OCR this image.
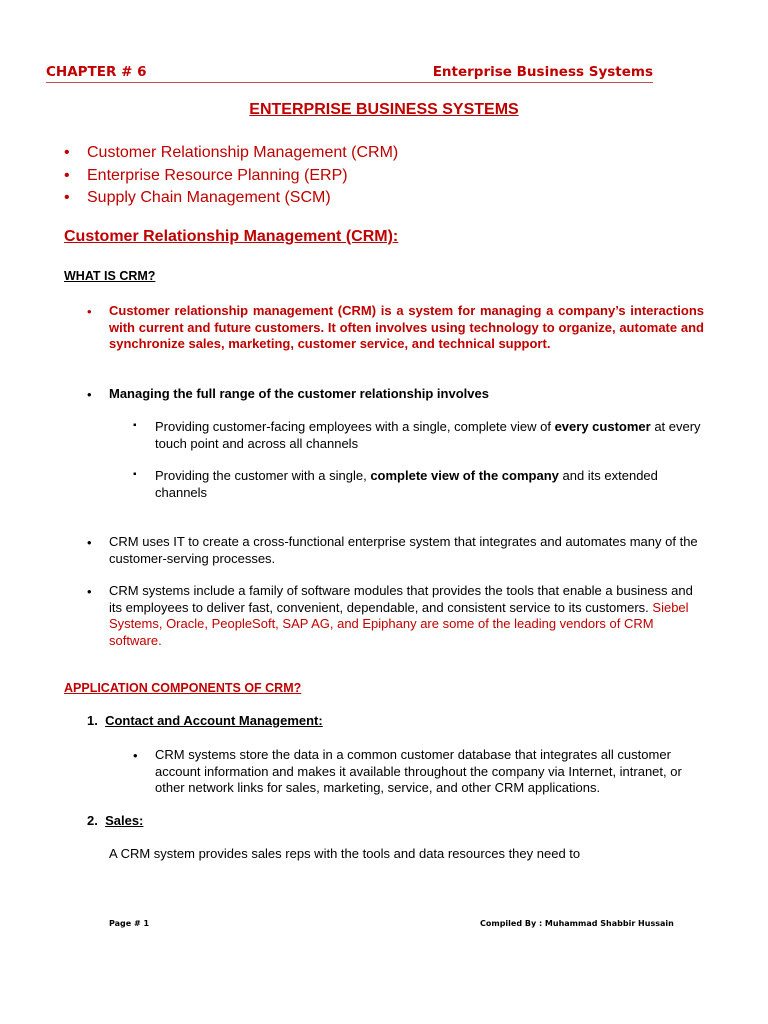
CHAPTER # 6	Enterprise Business Systems
ENTERPRISE BUSINESS SYSTEMS
• Customer Relationship Management (CRM)
• Enterprise Resource Planning (ERP)
• Supply Chain Management (SCM)
Customer Relationship Management (CRM):
WHAT IS CRM?
• Customer relationship management (CRM) is a system for managing a company’s interactions with current and future customers. It often involves using technology to organize, automate and synchronize sales, marketing, customer service, and technical support.
• Managing the full range of the customer relationship involves
▪ Providing customer-facing employees with a single, complete view of every customer at every touch point and across all channels
▪ Providing the customer with a single, complete view of the company and its extended channels
• CRM uses IT to create a cross-functional enterprise system that integrates and automates many of the customer-serving processes.
• CRM systems include a family of software modules that provides the tools that enable a business and its employees to deliver fast, convenient, dependable, and consistent service to its customers. Siebel Systems, Oracle, PeopleSoft, SAP AG, and Epiphany are some of the leading vendors of CRM software.
APPLICATION COMPONENTS OF CRM?
1. Contact and Account Management:
• CRM systems store the data in a common customer database that integrates all customer account information and makes it available throughout the company via Internet, intranet, or other network links for sales, marketing, service, and other CRM applications.
2. Sales:
A CRM system provides sales reps with the tools and data resources they need to
Page # 1	Compiled By : Muhammad Shabbir Hussain
